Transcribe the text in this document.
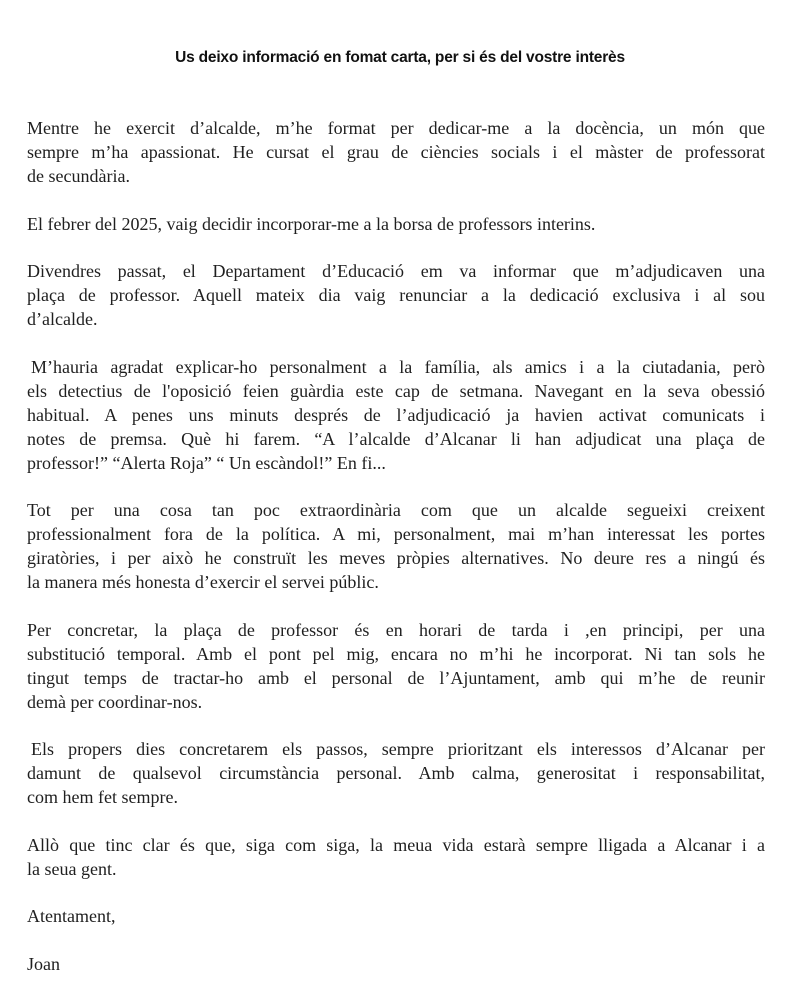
Us deixo informació en fomat carta, per si és del vostre interès
Mentre he exercit d’alcalde, m’he format per dedicar-me a la docència, un món que
sempre m’ha apassionat. He cursat el grau de ciències socials i el màster de professorat
de secundària.
El febrer del 2025, vaig decidir incorporar-me a la borsa de professors interins.
Divendres passat, el Departament d’Educació em va informar que m’adjudicaven una
plaça de professor. Aquell mateix dia vaig renunciar a la dedicació exclusiva i al sou
d’alcalde.
M’hauria agradat explicar-ho personalment a la família, als amics i a la ciutadania, però
els detectius de l'oposició feien guàrdia este cap de setmana. Navegant en la seva obessió
habitual. A penes uns minuts després de l’adjudicació ja havien activat comunicats i
notes de premsa. Què hi farem. “A l’alcalde d’Alcanar li han adjudicat una plaça de
professor!” “Alerta Roja” “ Un escàndol!” En fi...
Tot per una cosa tan poc extraordinària com que un alcalde segueixi creixent
professionalment fora de la política. A mi, personalment, mai m’han interessat les portes
giratòries, i per això he construït les meves pròpies alternatives. No deure res a ningú és
la manera més honesta d’exercir el servei públic.
Per concretar, la plaça de professor és en horari de tarda i ,en principi, per una
substitució temporal. Amb el pont pel mig, encara no m’hi he incorporat. Ni tan sols he
tingut temps de tractar-ho amb el personal de l’Ajuntament, amb qui m’he de reunir
demà per coordinar-nos.
Els propers dies concretarem els passos, sempre prioritzant els interessos d’Alcanar per
damunt de qualsevol circumstància personal. Amb calma, generositat i responsabilitat,
com hem fet sempre.
Allò que tinc clar és que, siga com siga, la meua vida estarà sempre lligada a Alcanar i a
la seua gent.
Atentament,
Joan
